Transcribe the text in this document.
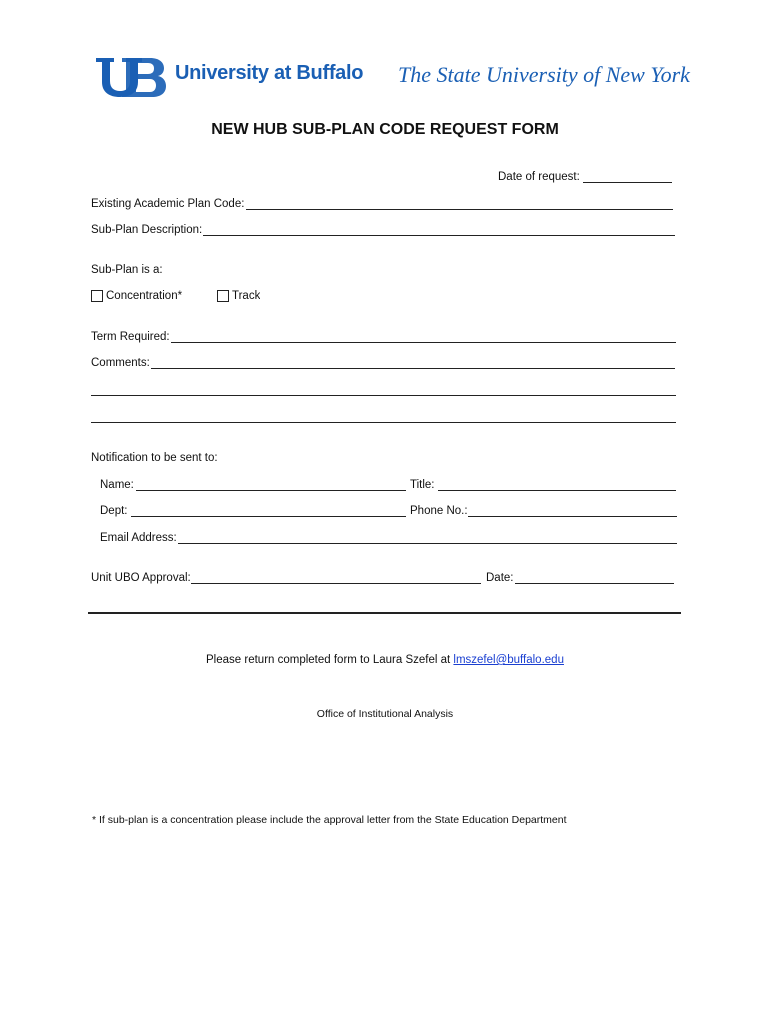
University at Buffalo The State University of New York
NEW HUB SUB-PLAN CODE REQUEST FORM
Date of request:
Existing Academic Plan Code:
Sub-Plan Description:
Sub-Plan is a:
Concentration*	Track
Term Required:
Comments:
Notification to be sent to:
Name:	Title:
Dept:	Phone No.:
Email Address:
Unit UBO Approval:	Date:
Please return completed form to Laura Szefel at lmszefel@buffalo.edu
Office of Institutional Analysis
* If sub-plan is a concentration please include the approval letter from the State Education Department
